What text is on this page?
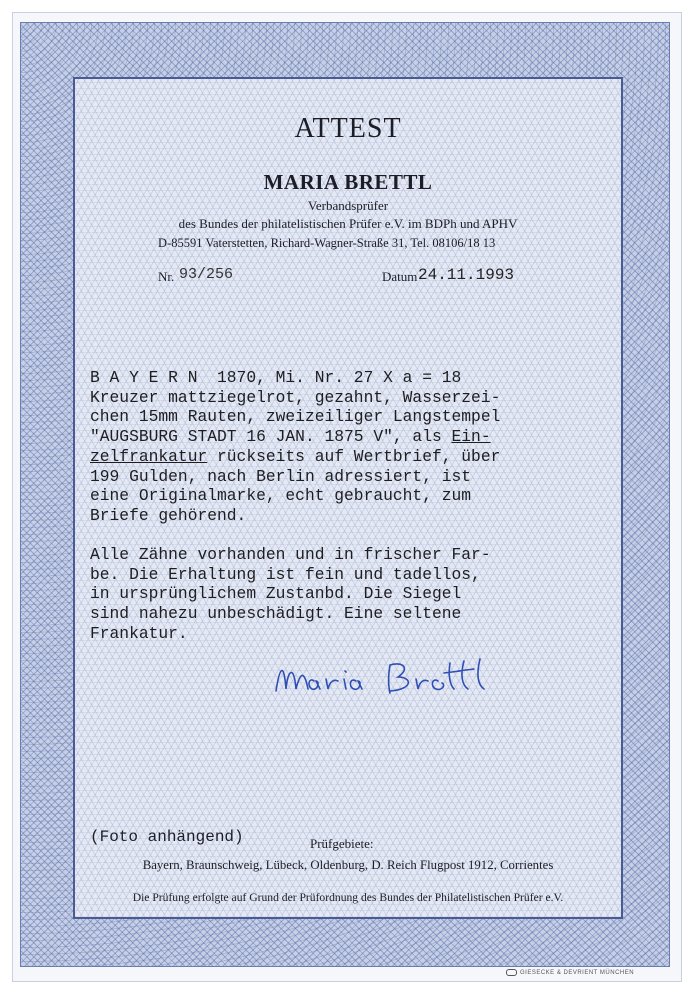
ATTEST
MARIA BRETTL
Verbandsprüfer
des Bundes der philatelistischen Prüfer e.V. im BDPh und APHV
D-85591 Vaterstetten, Richard-Wagner-Straße 31, Tel. 08106/18 13
Nr. 93/256	Datum 24.11.1993
B A Y E R N  1870, Mi. Nr. 27 X a = 18
Kreuzer mattziegelrot, gezahnt, Wasserzei-
chen 15mm Rauten, zweizeiliger Langstempel
"AUGSBURG STADT 16 JAN. 1875 V", als Ein-
zelfrankatur rückseits auf Wertbrief, über
199 Gulden, nach Berlin adressiert, ist
eine Originalmarke, echt gebraucht, zum
Briefe gehörend.
Alle Zähne vorhanden und in frischer Far-
be. Die Erhaltung ist fein und tadellos,
in ursprünglichem Zustanbd. Die Siegel
sind nahezu unbeschädigt. Eine seltene
Frankatur.
(Foto anhängend)	Prüfgebiete:
Bayern, Braunschweig, Lübeck, Oldenburg, D. Reich Flugpost 1912, Corrientes
Die Prüfung erfolgte auf Grund der Prüfordnung des Bundes der Philatelistischen Prüfer e.V.
GIESECKE & DEVRIENT MÜNCHEN
